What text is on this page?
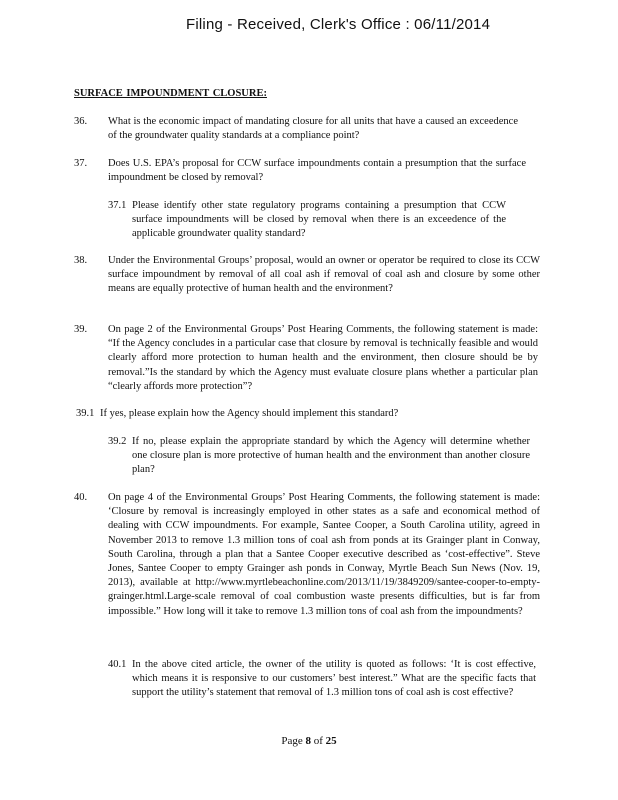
Filing - Received, Clerk's Office : 06/11/2014
SURFACE IMPOUNDMENT CLOSURE:
36. What is the economic impact of mandating closure for all units that have a caused an exceedence of the groundwater quality standards at a compliance point?
37. Does U.S. EPA’s proposal for CCW surface impoundments contain a presumption that the surface impoundment be closed by removal?
37.1 Please identify other state regulatory programs containing a presumption that CCW surface impoundments will be closed by removal when there is an exceedence of the applicable groundwater quality standard?
38. Under the Environmental Groups’ proposal, would an owner or operator be required to close its CCW surface impoundment by removal of all coal ash if removal of coal ash and closure by some other means are equally protective of human health and the environment?
39. On page 2 of the Environmental Groups’ Post Hearing Comments, the following statement is made: “If the Agency concludes in a particular case that closure by removal is technically feasible and would clearly afford more protection to human health and the environment, then closure should be by removal.”Is the standard by which the Agency must evaluate closure plans whether a particular plan “clearly affords more protection”?
39.1 If yes, please explain how the Agency should implement this standard?
39.2 If no, please explain the appropriate standard by which the Agency will determine whether one closure plan is more protective of human health and the environment than another closure plan?
40. On page 4 of the Environmental Groups’ Post Hearing Comments, the following statement is made: ‘Closure by removal is increasingly employed in other states as a safe and economical method of dealing with CCW impoundments. For example, Santee Cooper, a South Carolina utility, agreed in November 2013 to remove 1.3 million tons of coal ash from ponds at its Grainger plant in Conway, South Carolina, through a plan that a Santee Cooper executive described as ‘cost-effective”. Steve Jones, Santee Cooper to empty Grainger ash ponds in Conway, Myrtle Beach Sun News (Nov. 19, 2013), available at http://www.myrtlebeachonline.com/2013/11/19/3849209/santee-cooper-to-empty-grainger.html.Large-scale removal of coal combustion waste presents difficulties, but is far from impossible.” How long will it take to remove 1.3 million tons of coal ash from the impoundments?
40.1 In the above cited article, the owner of the utility is quoted as follows: ‘It is cost effective, which means it is responsive to our customers’ best interest.” What are the specific facts that support the utility’s statement that removal of 1.3 million tons of coal ash is cost effective?
Page 8 of 25
